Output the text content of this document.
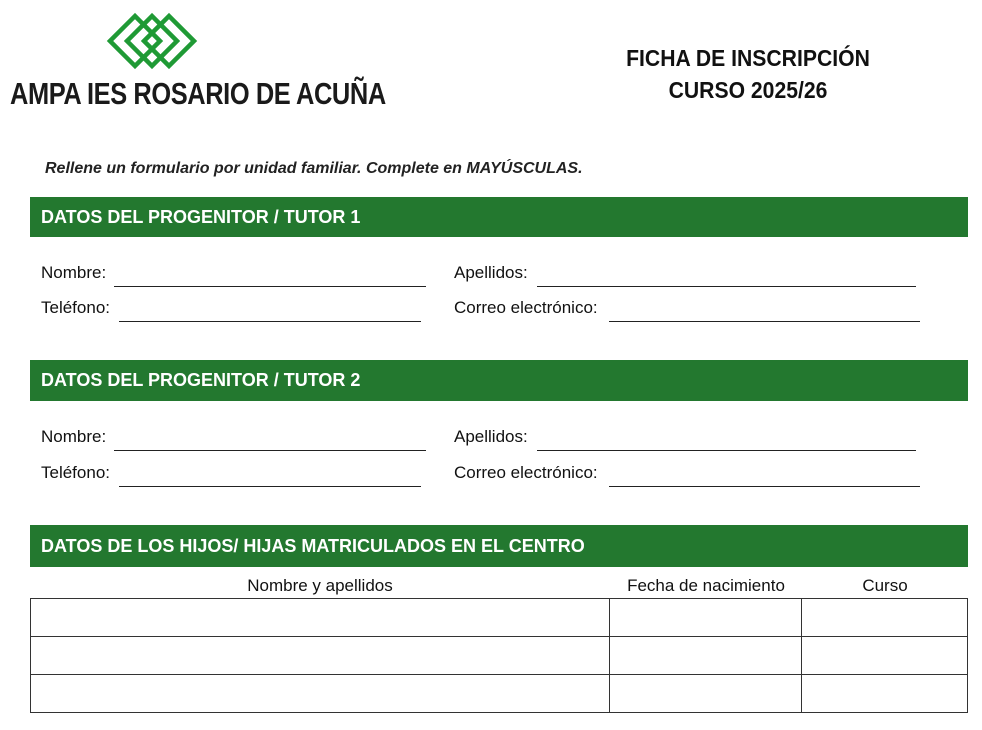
AMPA IES ROSARIO DE ACUÑA
FICHA DE INSCRIPCIÓN
CURSO 2025/26
Rellene un formulario por unidad familiar. Complete en MAYÚSCULAS.
DATOS DEL PROGENITOR / TUTOR 1
Nombre:	Apellidos:
Teléfono:	Correo electrónico:
DATOS DEL PROGENITOR / TUTOR 2
Nombre:	Apellidos:
Teléfono:	Correo electrónico:
DATOS DE LOS HIJOS/ HIJAS MATRICULADOS EN EL CENTRO
Nombre y apellidos	Fecha de nacimiento	Curso
